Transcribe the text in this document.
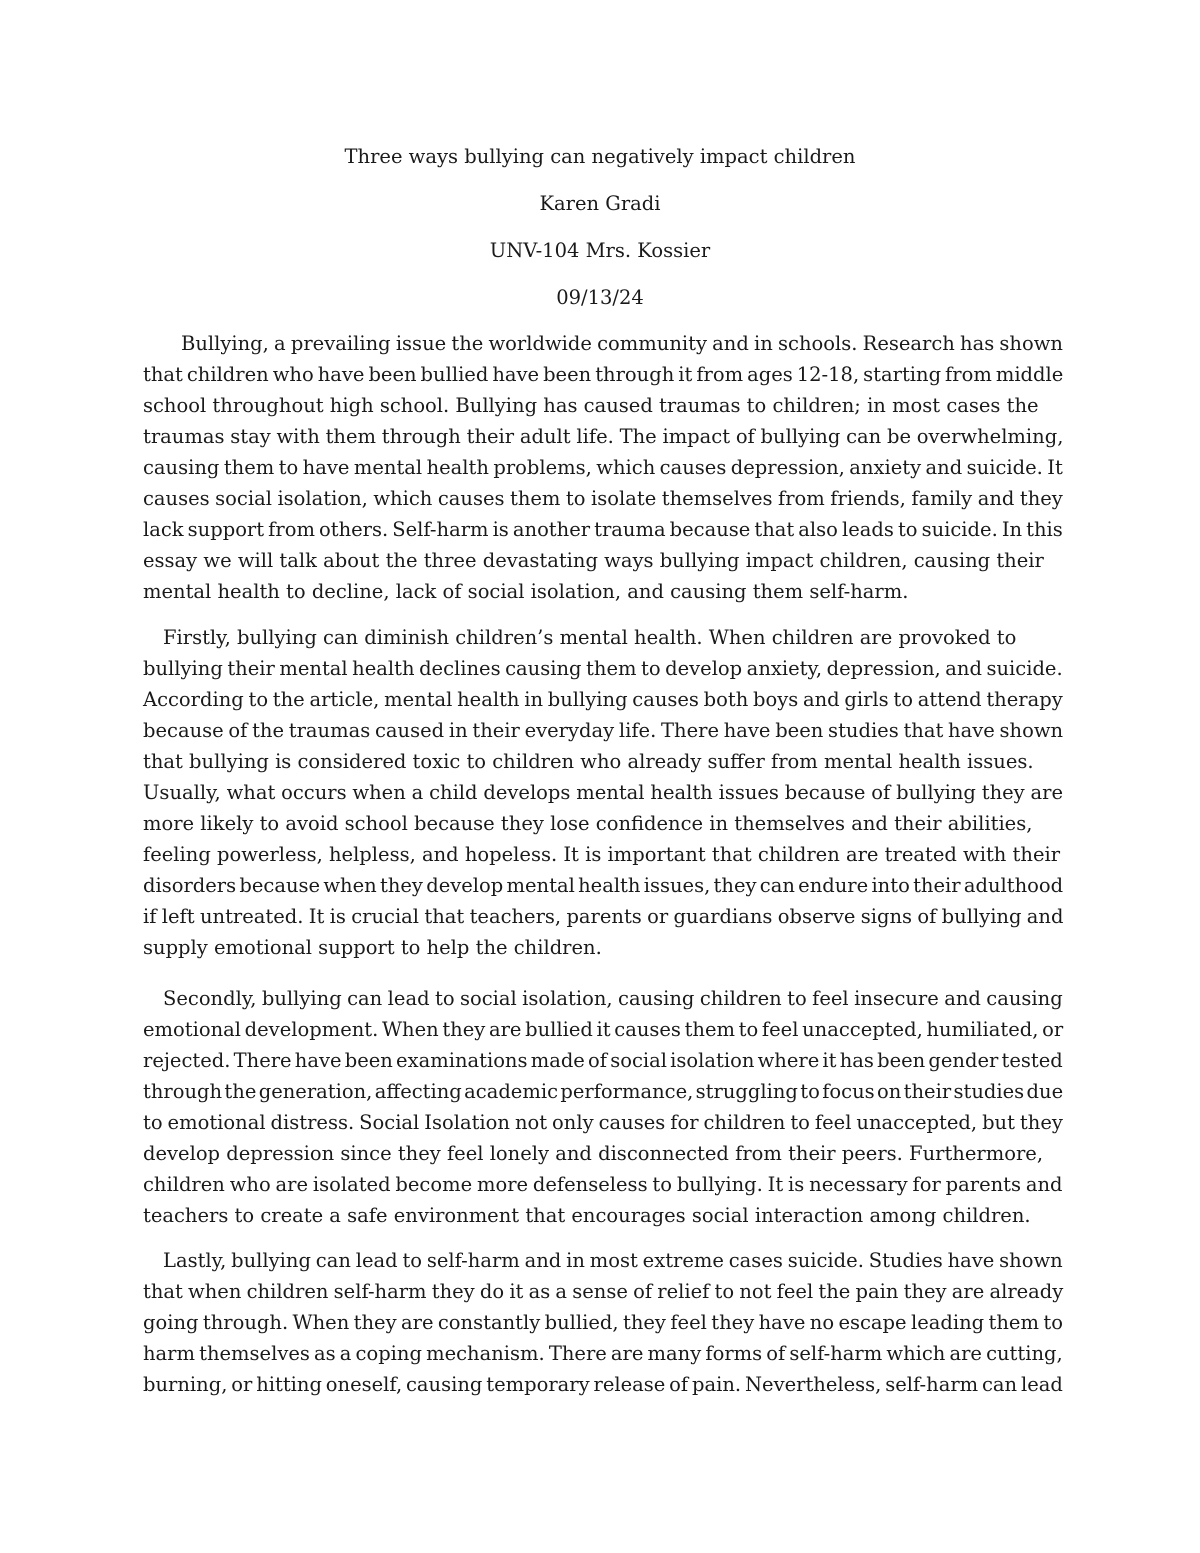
Three ways bullying can negatively impact children
Karen Gradi
UNV-104 Mrs. Kossier
09/13/24
Bullying, a prevailing issue the worldwide community and in schools. Research has shown
that children who have been bullied have been through it from ages 12-18, starting from middle
school throughout high school. Bullying has caused traumas to children; in most cases the
traumas stay with them through their adult life. The impact of bullying can be overwhelming,
causing them to have mental health problems, which causes depression, anxiety and suicide. It
causes social isolation, which causes them to isolate themselves from friends, family and they
lack support from others. Self-harm is another trauma because that also leads to suicide. In this
essay we will talk about the three devastating ways bullying impact children, causing their
mental health to decline, lack of social isolation, and causing them self-harm.
Firstly, bullying can diminish children’s mental health. When children are provoked to
bullying their mental health declines causing them to develop anxiety, depression, and suicide.
According to the article, mental health in bullying causes both boys and girls to attend therapy
because of the traumas caused in their everyday life. There have been studies that have shown
that bullying is considered toxic to children who already suffer from mental health issues.
Usually, what occurs when a child develops mental health issues because of bullying they are
more likely to avoid school because they lose confidence in themselves and their abilities,
feeling powerless, helpless, and hopeless. It is important that children are treated with their
disorders because when they develop mental health issues, they can endure into their adulthood
if left untreated. It is crucial that teachers, parents or guardians observe signs of bullying and
supply emotional support to help the children.
Secondly, bullying can lead to social isolation, causing children to feel insecure and causing
emotional development. When they are bullied it causes them to feel unaccepted, humiliated, or
rejected. There have been examinations made of social isolation where it has been gender tested
through the generation, affecting academic performance, struggling to focus on their studies due
to emotional distress. Social Isolation not only causes for children to feel unaccepted, but they
develop depression since they feel lonely and disconnected from their peers. Furthermore,
children who are isolated become more defenseless to bullying. It is necessary for parents and
teachers to create a safe environment that encourages social interaction among children.
Lastly, bullying can lead to self-harm and in most extreme cases suicide. Studies have shown
that when children self-harm they do it as a sense of relief to not feel the pain they are already
going through. When they are constantly bullied, they feel they have no escape leading them to
harm themselves as a coping mechanism. There are many forms of self-harm which are cutting,
burning, or hitting oneself, causing temporary release of pain. Nevertheless, self-harm can lead
